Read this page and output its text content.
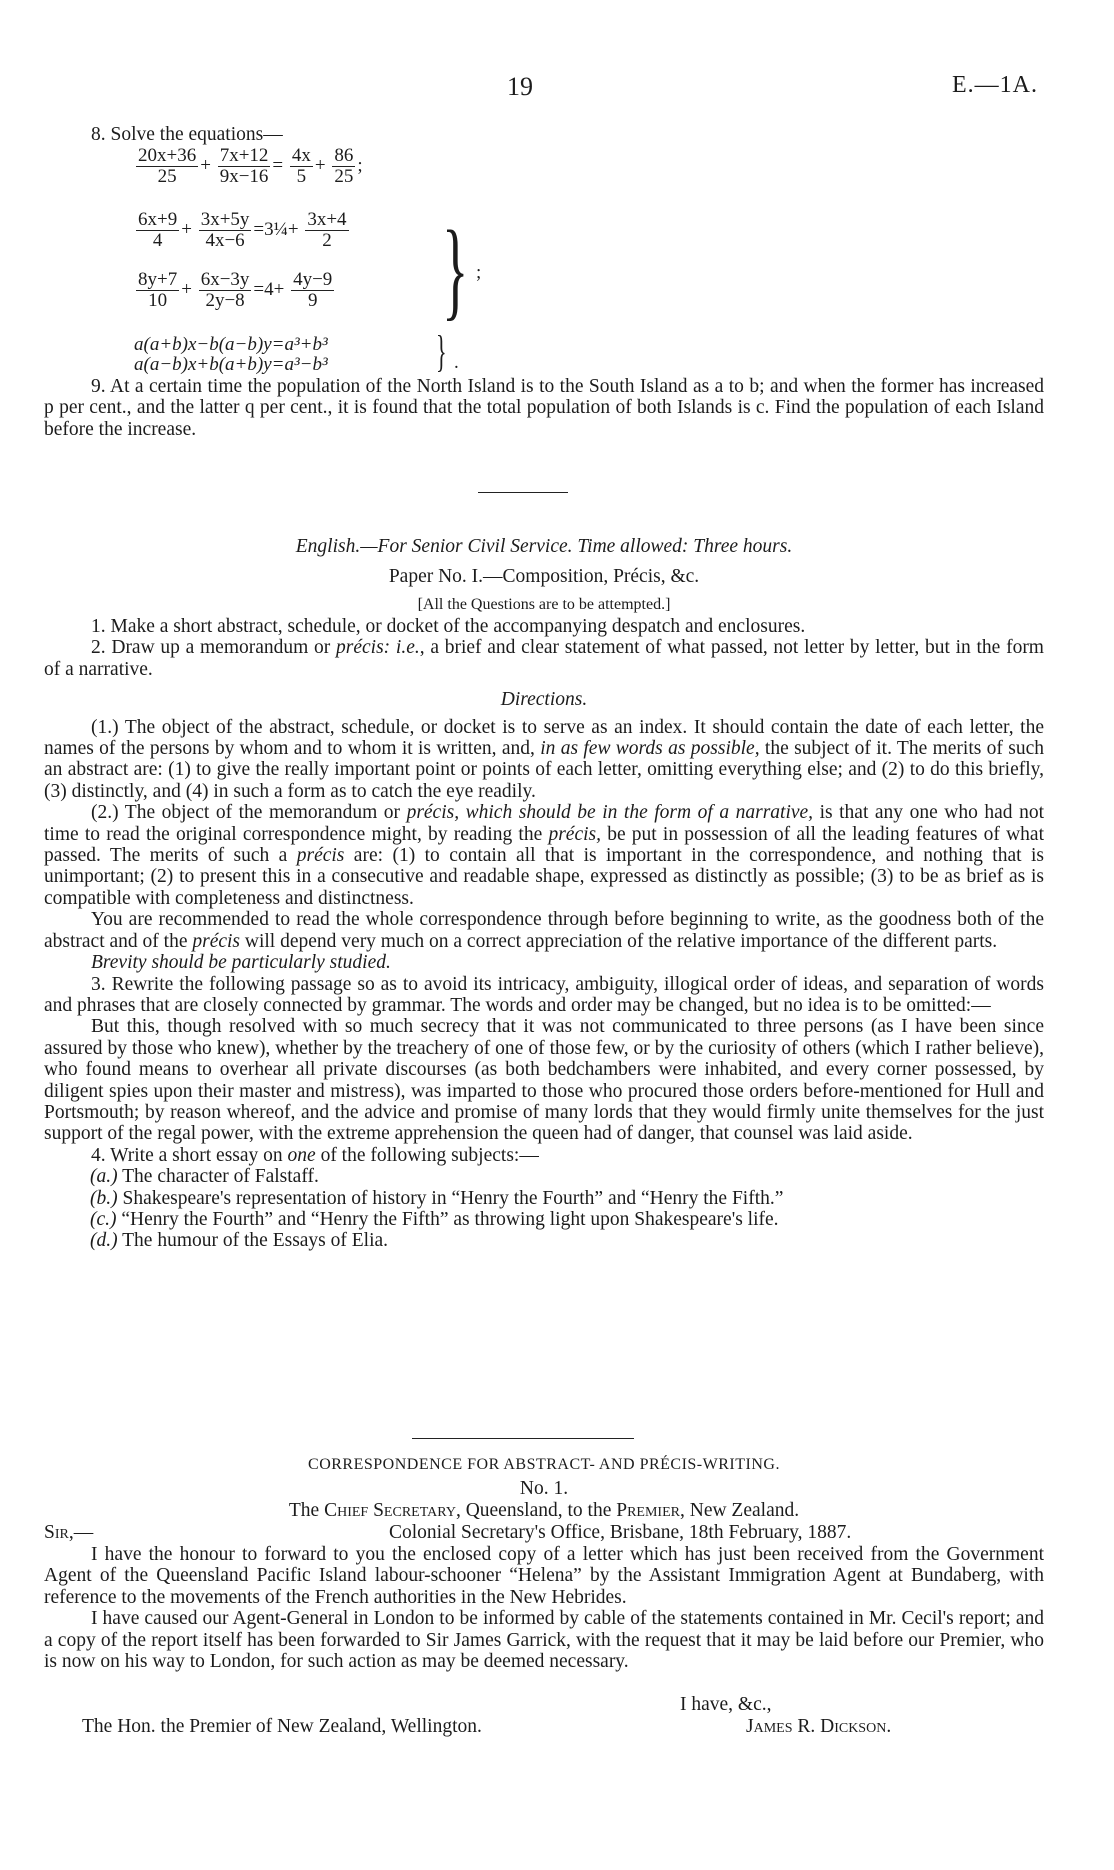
19	E.—1A.

8. Solve the equations—

$\frac{20x+36}{25} + \frac{7x+12}{9x-16} = \frac{4x}{5} + \frac{86}{25}$ ;
$\frac{6x+9}{4} + \frac{3x+5y}{4x-6}$ =3¼+ $\frac{3x+4}{2}$
$\frac{8y+7}{10} + \frac{6x-3y}{2y-8} =4+ \frac{4y-9}{9}$ } ;
a(a+b)x−b(a−b)y=a³+b³
a(a−b)x+b(a+b)y=a³−b³ } .

9. At a certain time the population of the North Island is to the South Island as a to b; and when the former has increased p per cent., and the latter q per cent., it is found that the total population of both Islands is c. Find the population of each Island before the increase.

English.—For Senior Civil Service. Time allowed: Three hours.

Paper No. I.—Composition, Précis, &c.

[All the Questions are to be attempted.]

1. Make a short abstract, schedule, or docket of the accompanying despatch and enclosures.

2. Draw up a memorandum or précis: i.e., a brief and clear statement of what passed, not letter by letter, but in the form of a narrative.

Directions.

(1.) The object of the abstract, schedule, or docket is to serve as an index. It should contain the date of each letter, the names of the persons by whom and to whom it is written, and, in as few words as possible, the subject of it. The merits of such an abstract are: (1) to give the really important point or points of each letter, omitting everything else; and (2) to do this briefly, (3) distinctly, and (4) in such a form as to catch the eye readily.

(2.) The object of the memorandum or précis, which should be in the form of a narrative, is that any one who had not time to read the original correspondence might, by reading the précis, be put in possession of all the leading features of what passed. The merits of such a précis are: (1) to contain all that is important in the correspondence, and nothing that is unimportant; (2) to present this in a consecutive and readable shape, expressed as distinctly as possible; (3) to be as brief as is compatible with completeness and distinctness.

You are recommended to read the whole correspondence through before beginning to write, as the goodness both of the abstract and of the précis will depend very much on a correct appreciation of the relative importance of the different parts.

Brevity should be particularly studied.

3. Rewrite the following passage so as to avoid its intricacy, ambiguity, illogical order of ideas, and separation of words and phrases that are closely connected by grammar. The words and order may be changed, but no idea is to be omitted:—

But this, though resolved with so much secrecy that it was not communicated to three persons (as I have been since assured by those who knew), whether by the treachery of one of those few, or by the curiosity of others (which I rather believe), who found means to overhear all private discourses (as both bedchambers were inhabited, and every corner possessed, by diligent spies upon their master and mistress), was imparted to those who procured those orders before-mentioned for Hull and Portsmouth; by reason whereof, and the advice and promise of many lords that they would firmly unite themselves for the just support of the regal power, with the extreme apprehension the queen had of danger, that counsel was laid aside.

4. Write a short essay on one of the following subjects:—

(a.) The character of Falstaff.

(b.) Shakespeare's representation of history in “Henry the Fourth” and “Henry the Fifth.”

(c.) “Henry the Fourth” and “Henry the Fifth” as throwing light upon Shakespeare's life.

(d.) The humour of the Essays of Elia.

CORRESPONDENCE FOR ABSTRACT- AND PRÉCIS-WRITING.

No. 1.

The Chief Secretary, Queensland, to the Premier, New Zealand.

Sir,—	Colonial Secretary's Office, Brisbane, 18th February, 1887.

I have the honour to forward to you the enclosed copy of a letter which has just been received from the Government Agent of the Queensland Pacific Island labour-schooner “Helena” by the Assistant Immigration Agent at Bundaberg, with reference to the movements of the French authorities in the New Hebrides.

I have caused our Agent-General in London to be informed by cable of the statements contained in Mr. Cecil's report; and a copy of the report itself has been forwarded to Sir James Garrick, with the request that it may be laid before our Premier, who is now on his way to London, for such action as may be deemed necessary.

I have, &c.,

The Hon. the Premier of New Zealand, Wellington.	James R. Dickson.
